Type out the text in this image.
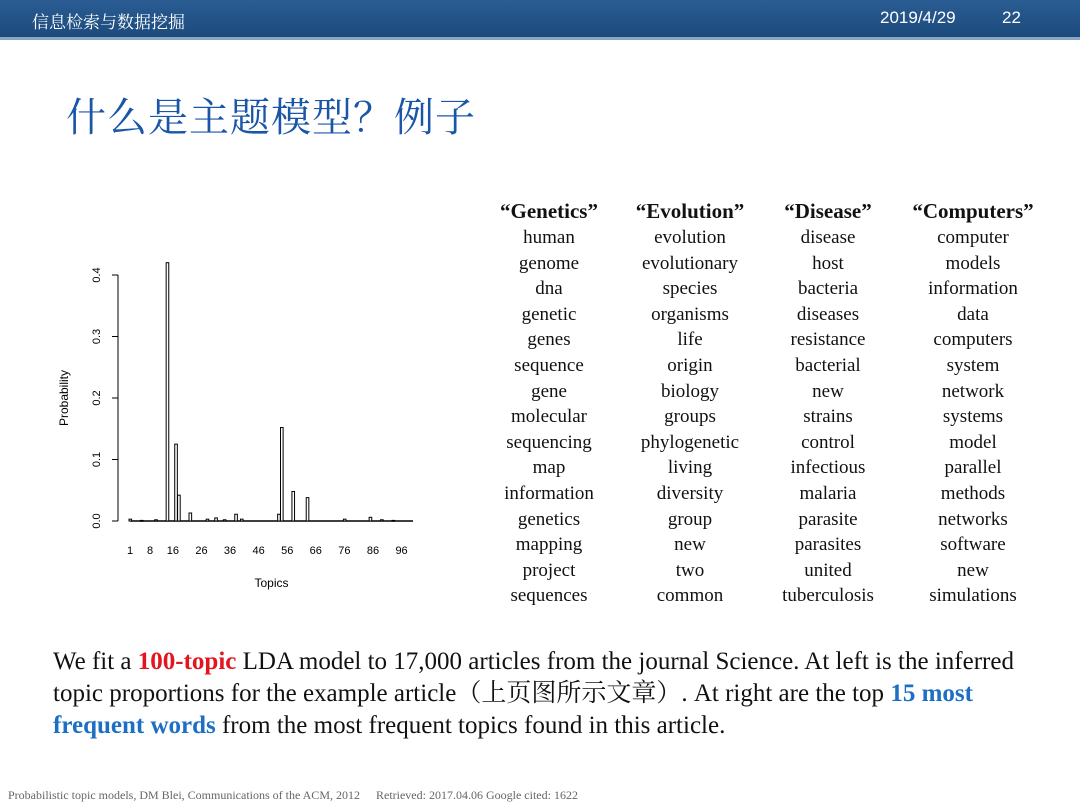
信息检索与数据挖掘	2019/4/29	22
什么是主题模型？例子
0.0
0.1
0.2
0.3
0.4
Probability
1 8 16 26 36 46 56 66 76 86 96
Topics
“Genetics”
human
genome
dna
genetic
genes
sequence
gene
molecular
sequencing
map
information
genetics
mapping
project
sequences
“Evolution”
evolution
evolutionary
species
organisms
life
origin
biology
groups
phylogenetic
living
diversity
group
new
two
common
“Disease”
disease
host
bacteria
diseases
resistance
bacterial
new
strains
control
infectious
malaria
parasite
parasites
united
tuberculosis
“Computers”
computer
models
information
data
computers
system
network
systems
model
parallel
methods
networks
software
new
simulations
We fit a 100-topic LDA model to 17,000 articles from the journal Science. At left is the inferred topic proportions for the example article（上页图所示文章）. At right are the top 15 most frequent words from the most frequent topics found in this article.
Probabilistic topic models, DM Blei, Communications of the ACM, 2012 Retrieved: 2017.04.06 Google cited: 1622
